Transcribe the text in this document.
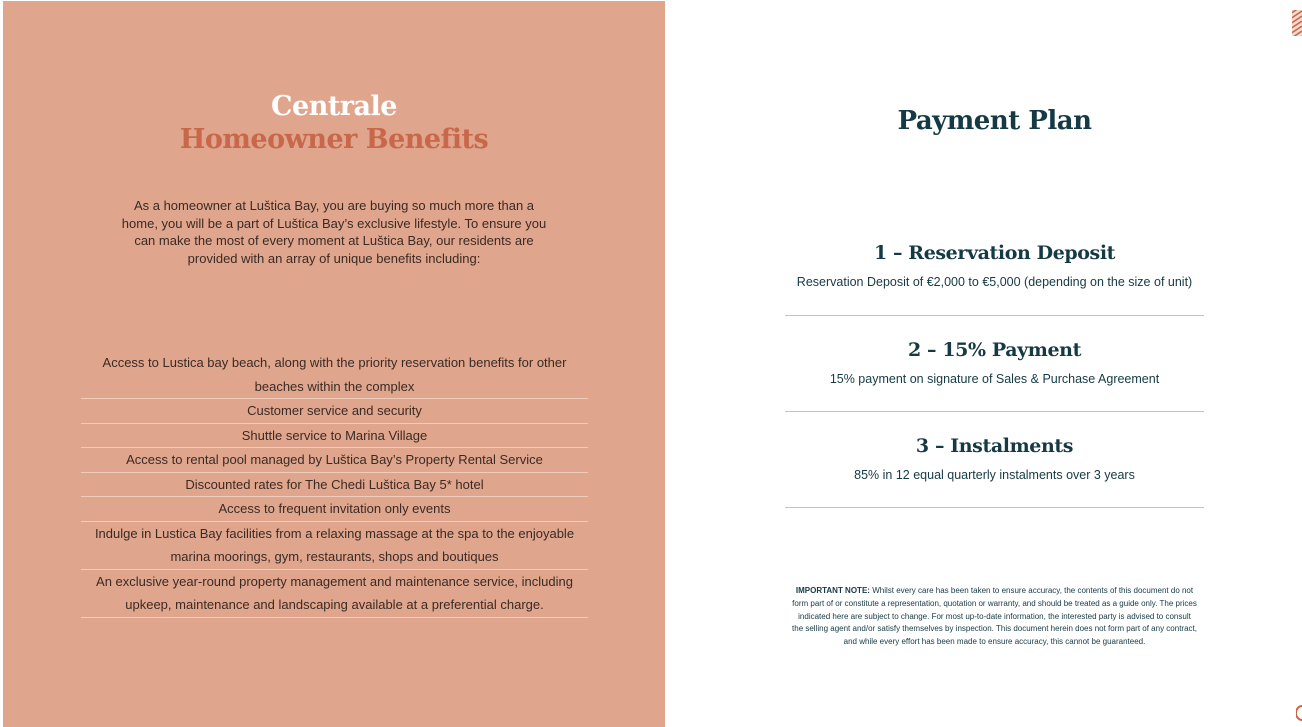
Centrale
Homeowner Benefits
As a homeowner at Luštica Bay, you are buying so much more than a home, you will be a part of Luštica Bay’s exclusive lifestyle. To ensure you can make the most of every moment at Luštica Bay, our residents are provided with an array of unique benefits including:
Access to Lustica bay beach, along with the priority reservation benefits for other beaches within the complex
Customer service and security
Shuttle service to Marina Village
Access to rental pool managed by Luštica Bay’s Property Rental Service
Discounted rates for The Chedi Luštica Bay 5* hotel
Access to frequent invitation only events
Indulge in Lustica Bay facilities from a relaxing massage at the spa to the enjoyable marina moorings, gym, restaurants, shops and boutiques
An exclusive year-round property management and maintenance service, including upkeep, maintenance and landscaping available at a preferential charge.
Payment Plan
1 – Reservation Deposit

Reservation Deposit of €2,000 to €5,000 (depending on the size of unit)

2 – 15% Payment

15% payment on signature of Sales & Purchase Agreement

3 – Instalments

85% in 12 equal quarterly instalments over 3 years

IMPORTANT NOTE: Whilst every care has been taken to ensure accuracy, the contents of this document do not form part of or constitute a representation, quotation or warranty, and should be treated as a guide only. The prices indicated here are subject to change. For most up-to-date information, the interested party is advised to consult the selling agent and/or satisfy themselves by inspection. This document herein does not form part of any contract, and while every effort has been made to ensure accuracy, this cannot be guaranteed.
